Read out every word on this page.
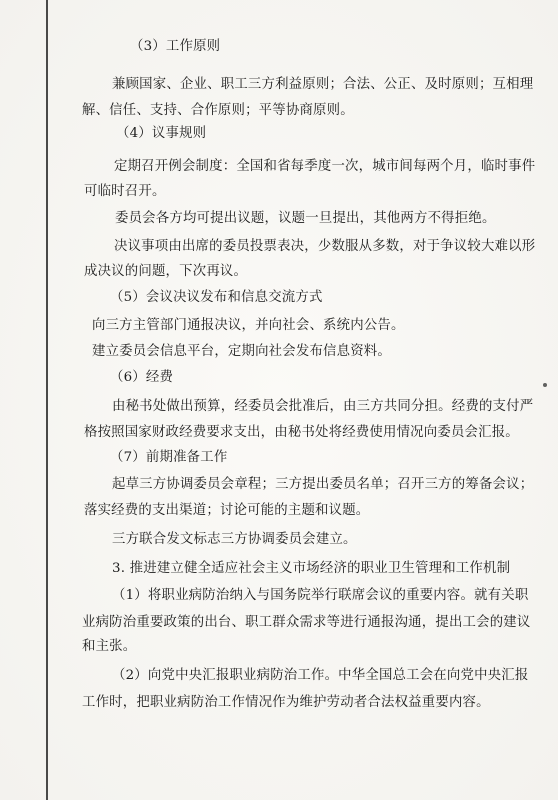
（3）工作原则
兼顾国家、企业、职工三方利益原则；合法、公正、及时原则；互相理
解、信任、支持、合作原则；平等协商原则。
（4）议事规则
定期召开例会制度：全国和省每季度一次，城市间每两个月，临时事件
可临时召开。
委员会各方均可提出议题，议题一旦提出，其他两方不得拒绝。
决议事项由出席的委员投票表决，少数服从多数，对于争议较大难以形
成决议的问题，下次再议。
（5）会议决议发布和信息交流方式
向三方主管部门通报决议，并向社会、系统内公告。
建立委员会信息平台，定期向社会发布信息资料。
（6）经费
由秘书处做出预算，经委员会批准后，由三方共同分担。经费的支付严
格按照国家财政经费要求支出，由秘书处将经费使用情况向委员会汇报。
（7）前期准备工作
起草三方协调委员会章程；三方提出委员名单；召开三方的筹备会议；
落实经费的支出渠道；讨论可能的主题和议题。
三方联合发文标志三方协调委员会建立。
3. 推进建立健全适应社会主义市场经济的职业卫生管理和工作机制
（1）将职业病防治纳入与国务院举行联席会议的重要内容。就有关职
业病防治重要政策的出台、职工群众需求等进行通报沟通，提出工会的建议
和主张。
（2）向党中央汇报职业病防治工作。中华全国总工会在向党中央汇报
工作时，把职业病防治工作情况作为维护劳动者合法权益重要内容。
